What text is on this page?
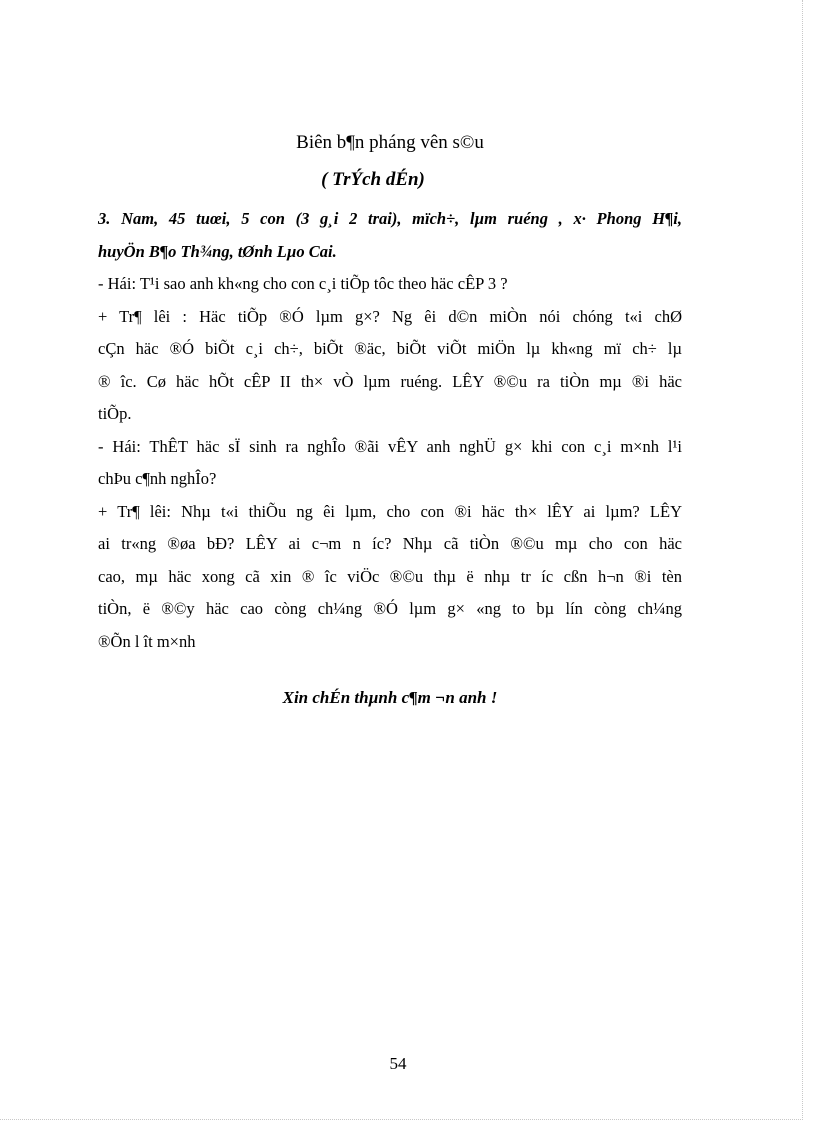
Biên b¶n pháng vên s©u
( TrÝch dÉn)
3. Nam, 45 tuœi, 5 con (3 g¸i 2 trai), mïch÷, lµm ruéng , x· Phong H¶i,
huyÖn B¶o Th¾ng, tØnh Lµo Cai.
- Hái: T¹i sao anh kh«ng cho con c¸i tiÕp tôc theo häc cÊP 3 ?
+ Tr¶ lêi : Häc tiÕp ®Ó lµm g×? Ng êi d©n miÒn nói chóng t«i chØ
cÇn häc ®Ó biÕt c¸i ch÷, biÕt ®äc, biÕt viÕt miÖn lµ kh«ng mï ch÷ lµ
® îc. Cø häc hÕt cÊP II th× vÒ lµm ruéng. LÊY ®©u ra tiÒn mµ ®i häc
tiÕp.
- Hái: ThÊT häc sÏ sinh ra nghÎo ®ãi vÊY anh nghÜ g× khi con c¸i m×nh l¹i
chÞu c¶nh nghÎo?
+ Tr¶ lêi: Nhµ t«i thiÕu ng êi lµm, cho con ®i häc th× lÊY ai lµm? LÊY
ai tr«ng ®øa bÐ? LÊY ai c¬m n íc? Nhµ cã tiÒn ®©u mµ cho con häc
cao, mµ häc xong cã xin ® îc viÖc ®©u thµ ë nhµ tr íc cßn h¬n ®i tèn
tiÒn, ë ®©y häc cao còng ch¼ng ®Ó lµm g× «ng to bµ lín còng ch¼ng
®Õn l ît m×nh
Xin chÉn thµnh c¶m ¬n anh !
54
